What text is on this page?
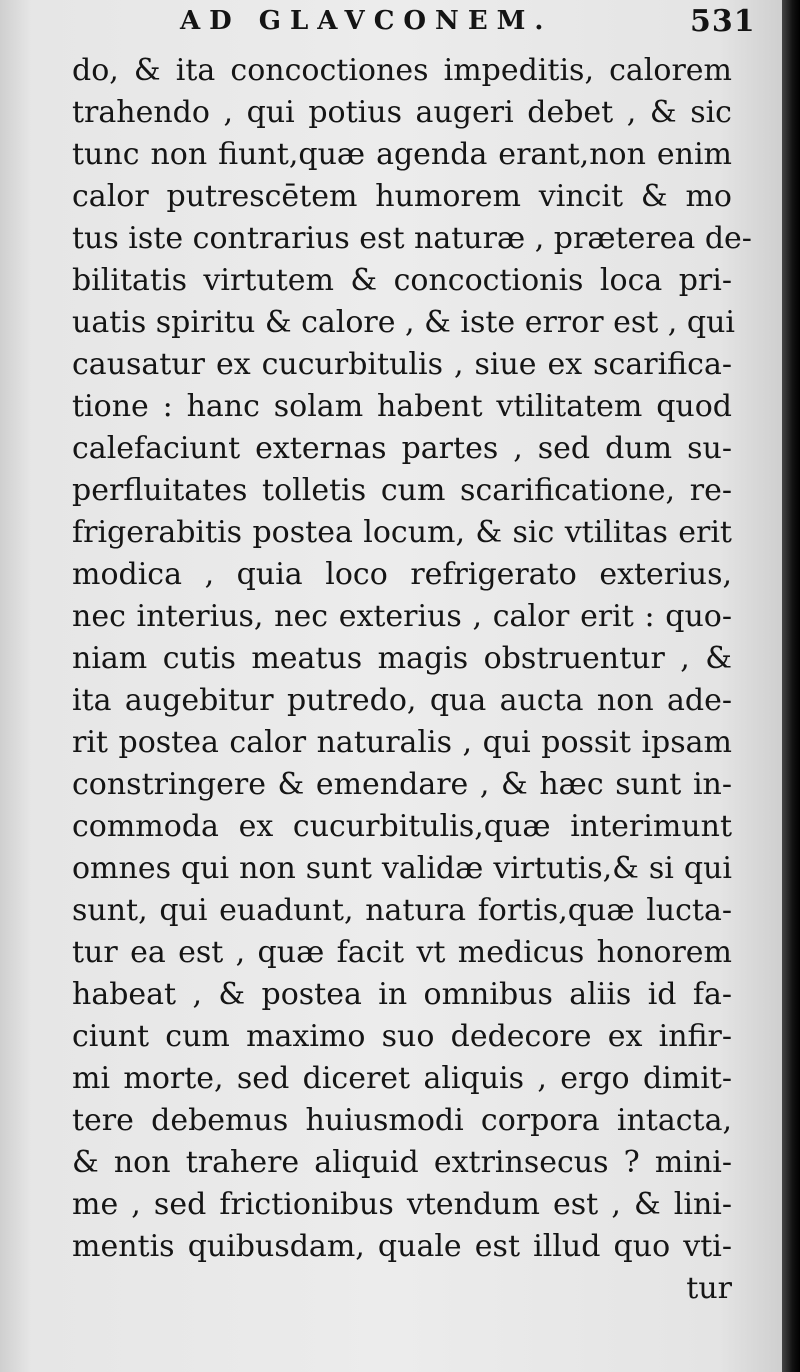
AD GLAVCONEM.	531
do, & ita concoctiones impeditis, calorem
trahendo , qui potius augeri debet , & sic
tunc non fiunt,quæ agenda erant,non enim
calor putrescētem humorem vincit & mo
tus iste contrarius est naturæ , præterea de-
bilitatis virtutem & concoctionis loca pri-
uatis spiritu & calore , & iste error est , qui
causatur ex cucurbitulis , siue ex scarifica-
tione : hanc solam habent vtilitatem quod
calefaciunt externas partes , sed dum su-
perfluitates tolletis cum scarificatione, re-
frigerabitis postea locum, & sic vtilitas erit
modica , quia loco refrigerato exterius,
nec interius, nec exterius , calor erit : quo-
niam cutis meatus magis obstruentur , &
ita augebitur putredo, qua aucta non ade-
rit postea calor naturalis , qui possit ipsam
constringere & emendare , & hæc sunt in-
commoda ex cucurbitulis,quæ interimunt
omnes qui non sunt validæ virtutis,& si qui
sunt, qui euadunt, natura fortis,quæ lucta-
tur ea est , quæ facit vt medicus honorem
habeat , & postea in omnibus aliis id fa-
ciunt cum maximo suo dedecore ex infir-
mi morte, sed diceret aliquis , ergo dimit-
tere debemus huiusmodi corpora intacta,
& non trahere aliquid extrinsecus ? mini-
me , sed frictionibus vtendum est , & lini-
mentis quibusdam, quale est illud quo vti-
tur
